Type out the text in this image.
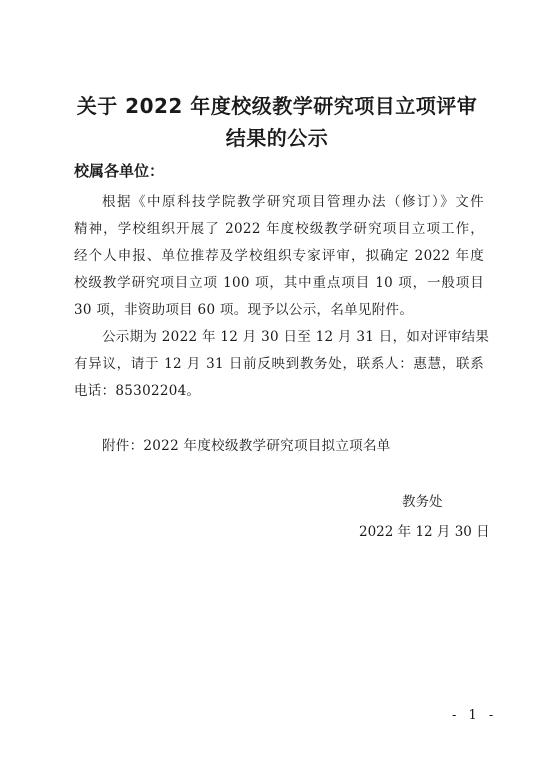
关于 2022 年度校级教学研究项目立项评审
结果的公示
校属各单位：
根据《中原科技学院教学研究项目管理办法（修订）》文件
精神，学校组织开展了 2022 年度校级教学研究项目立项工作，
经个人申报、单位推荐及学校组织专家评审，拟确定 2022 年度
校级教学研究项目立项 100 项，其中重点项目 10 项，一般项目
30 项，非资助项目 60 项。现予以公示，名单见附件。
公示期为 2022 年 12 月 30 日至 12 月 31 日，如对评审结果
有异议，请于 12 月 31 日前反映到教务处，联系人：惠慧，联系
电话：85302204。
附件：2022 年度校级教学研究项目拟立项名单
教务处
2022 年 12 月 30 日
- 1 -
